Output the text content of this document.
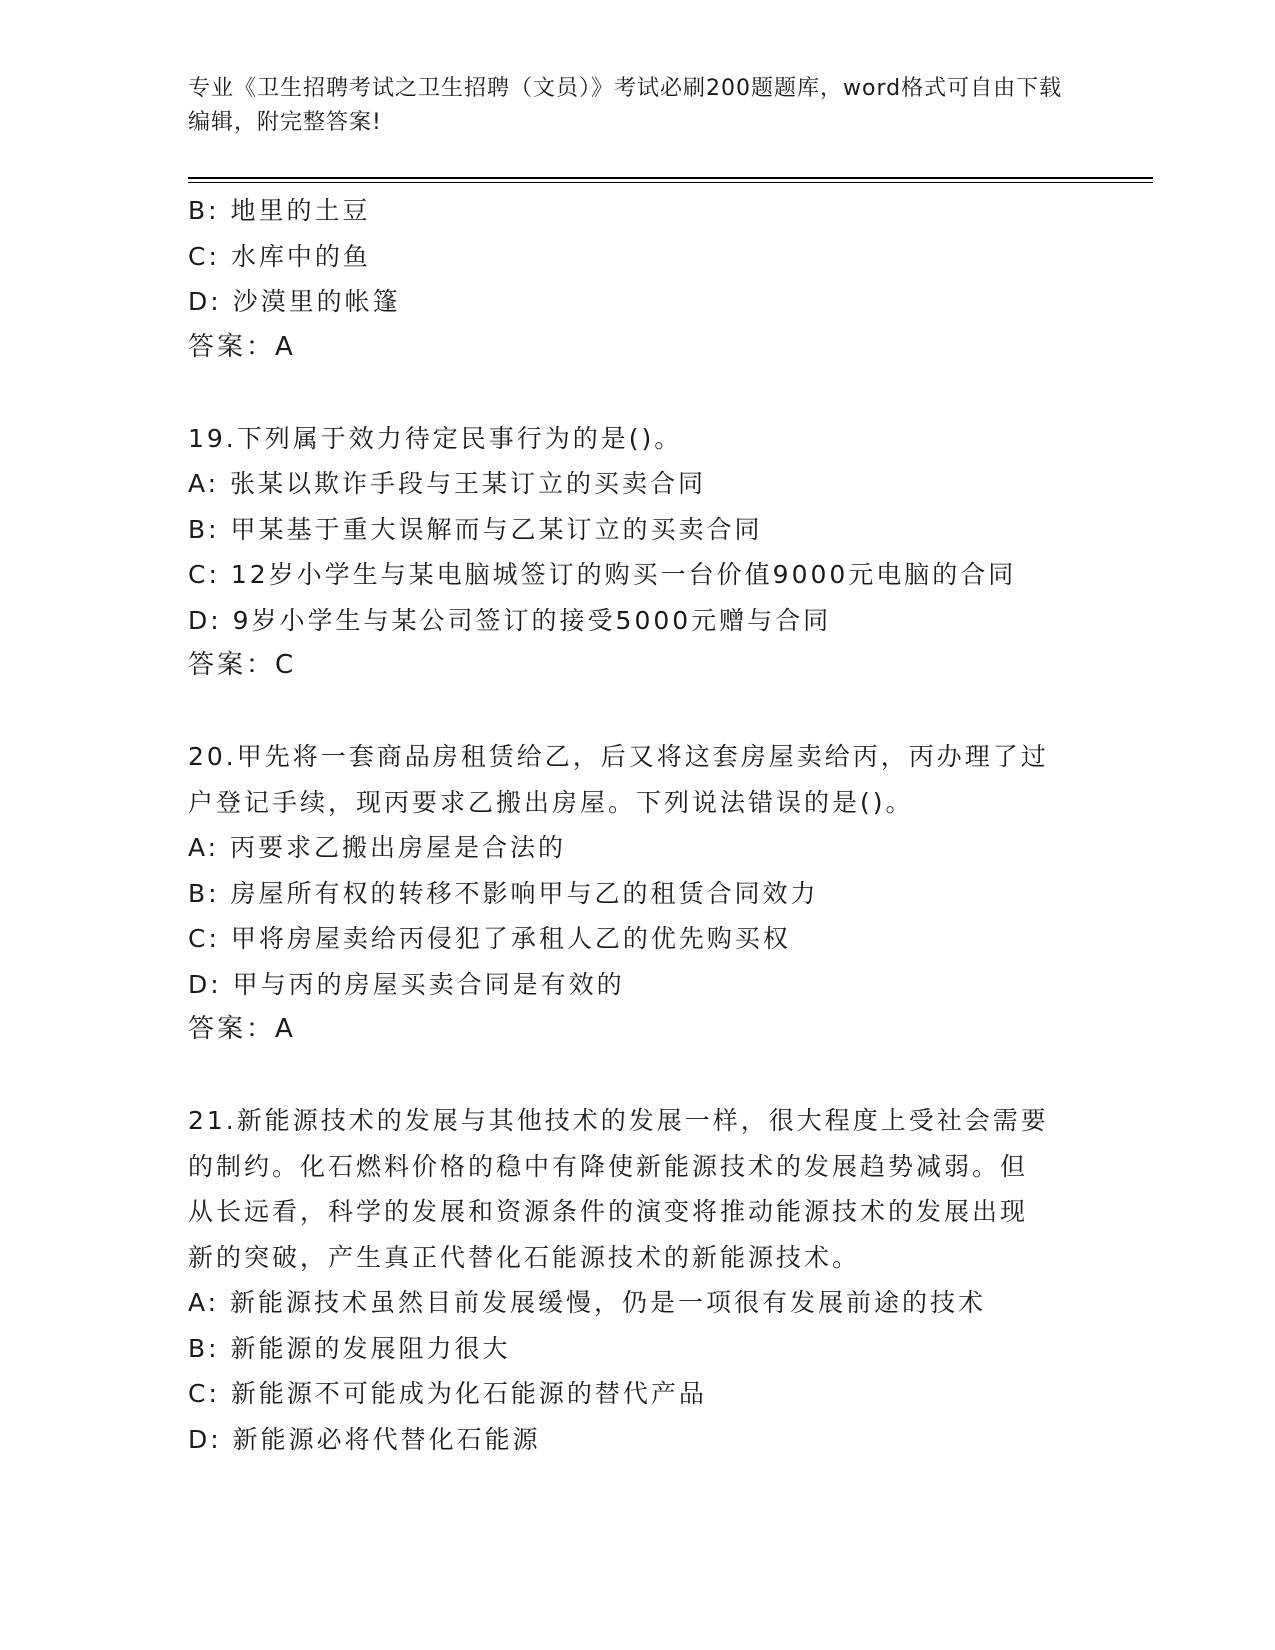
专业《卫生招聘考试之卫生招聘（文员）》考试必刷200题题库，word格式可自由下载编辑，附完整答案!
B: 地里的土豆
C: 水库中的鱼
D: 沙漠里的帐篷
答案：A
19.下列属于效力待定民事行为的是()。
A: 张某以欺诈手段与王某订立的买卖合同
B: 甲某基于重大误解而与乙某订立的买卖合同
C: 12岁小学生与某电脑城签订的购买一台价值9000元电脑的合同
D: 9岁小学生与某公司签订的接受5000元赠与合同
答案：C
20.甲先将一套商品房租赁给乙，后又将这套房屋卖给丙，丙办理了过
户登记手续，现丙要求乙搬出房屋。下列说法错误的是()。
A: 丙要求乙搬出房屋是合法的
B: 房屋所有权的转移不影响甲与乙的租赁合同效力
C: 甲将房屋卖给丙侵犯了承租人乙的优先购买权
D: 甲与丙的房屋买卖合同是有效的
答案：A
21.新能源技术的发展与其他技术的发展一样，很大程度上受社会需要
的制约。化石燃料价格的稳中有降使新能源技术的发展趋势减弱。但
从长远看，科学的发展和资源条件的演变将推动能源技术的发展出现
新的突破，产生真正代替化石能源技术的新能源技术。
A: 新能源技术虽然目前发展缓慢，仍是一项很有发展前途的技术
B: 新能源的发展阻力很大
C: 新能源不可能成为化石能源的替代产品
D: 新能源必将代替化石能源
